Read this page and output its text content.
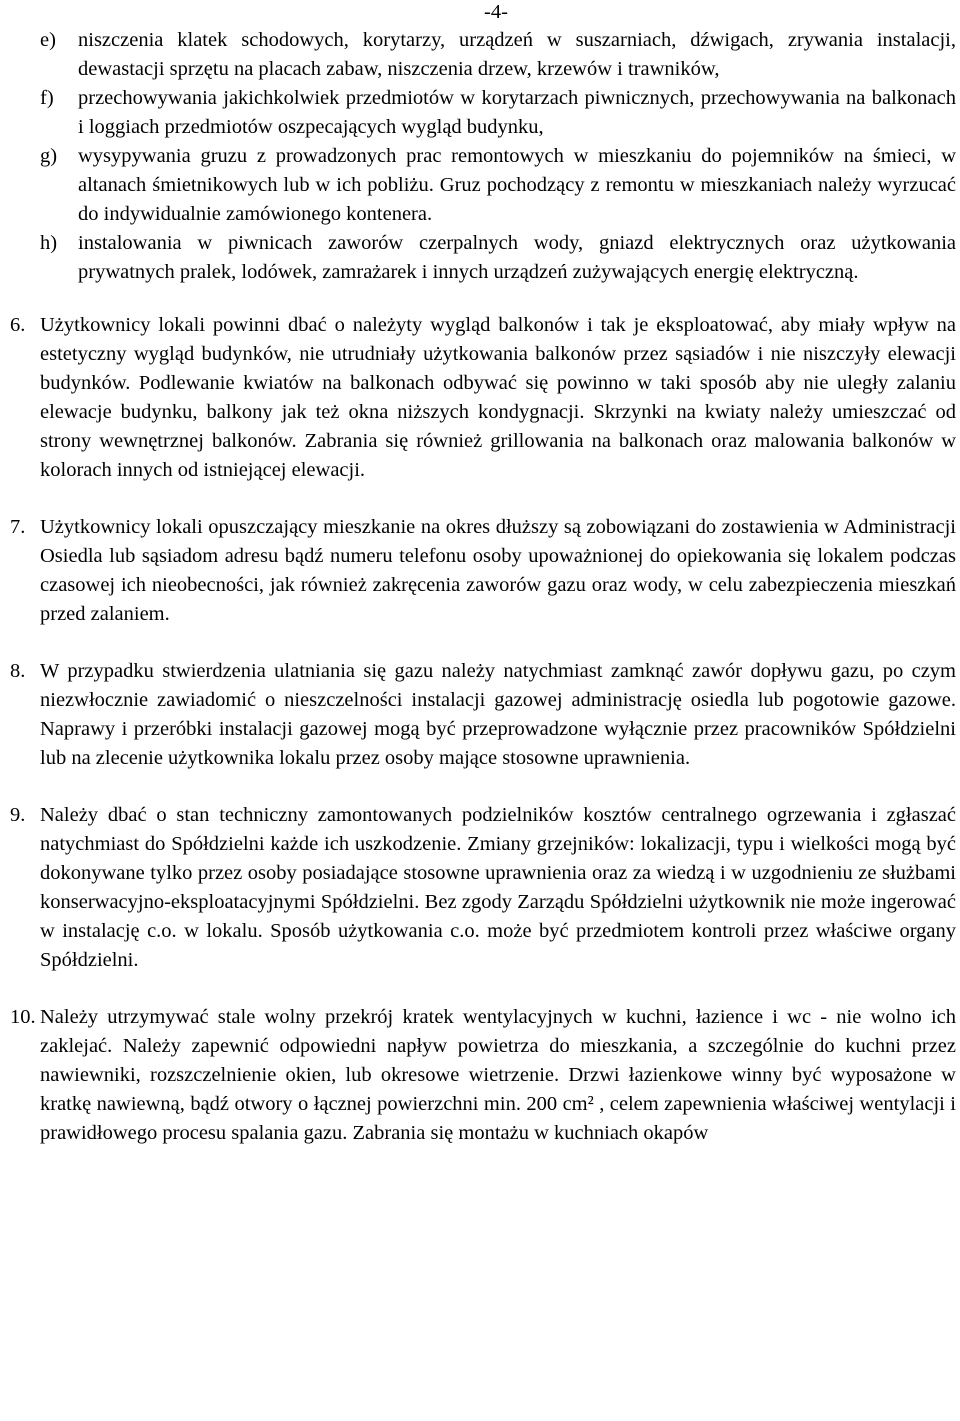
-4-
e) niszczenia klatek schodowych, korytarzy, urządzeń w suszarniach, dźwigach, zrywania instalacji, dewastacji sprzętu na placach zabaw, niszczenia drzew, krzewów i trawników,
f) przechowywania jakichkolwiek przedmiotów w korytarzach piwnicznych, przechowywania na balkonach i loggiach przedmiotów oszpecających wygląd budynku,
g) wysypywania gruzu z prowadzonych prac remontowych w mieszkaniu do pojemników na śmieci, w altanach śmietnikowych lub w ich pobliżu. Gruz pochodzący z remontu w mieszkaniach należy wyrzucać do indywidualnie zamówionego kontenera.
h) instalowania w piwnicach zaworów czerpalnych wody, gniazd elektrycznych oraz użytkowania prywatnych pralek, lodówek, zamrażarek i innych urządzeń zużywających energię elektryczną.
6. Użytkownicy lokali powinni dbać o należyty wygląd balkonów i tak je eksploatować, aby miały wpływ na estetyczny wygląd budynków, nie utrudniały użytkowania balkonów przez sąsiadów i nie niszczyły elewacji budynków. Podlewanie kwiatów na balkonach odbywać się powinno w taki sposób aby nie uległy zalaniu elewacje budynku, balkony jak też okna niższych kondygnacji. Skrzynki na kwiaty należy umieszczać od strony wewnętrznej balkonów. Zabrania się również grillowania na balkonach oraz malowania balkonów w kolorach innych od istniejącej elewacji.
7. Użytkownicy lokali opuszczający mieszkanie na okres dłuższy są zobowiązani do zostawienia w Administracji Osiedla lub sąsiadom adresu bądź numeru telefonu osoby upoważnionej do opiekowania się lokalem podczas czasowej ich nieobecności, jak również zakręcenia zaworów gazu oraz wody, w celu zabezpieczenia mieszkań przed zalaniem.
8. W przypadku stwierdzenia ulatniania się gazu należy natychmiast zamknąć zawór dopływu gazu, po czym niezwłocznie zawiadomić o nieszczelności instalacji gazowej administrację osiedla lub pogotowie gazowe. Naprawy i przeróbki instalacji gazowej mogą być przeprowadzone wyłącznie przez pracowników Spółdzielni lub na zlecenie użytkownika lokalu przez osoby mające stosowne uprawnienia.
9. Należy dbać o stan techniczny zamontowanych podzielników kosztów centralnego ogrzewania i zgłaszać natychmiast do Spółdzielni każde ich uszkodzenie. Zmiany grzejników: lokalizacji, typu i wielkości mogą być dokonywane tylko przez osoby posiadające stosowne uprawnienia oraz za wiedzą i w uzgodnieniu ze służbami konserwacyjno-eksploatacyjnymi Spółdzielni. Bez zgody Zarządu Spółdzielni użytkownik nie może ingerować w instalację c.o. w lokalu. Sposób użytkowania c.o. może być przedmiotem kontroli przez właściwe organy Spółdzielni.
10. Należy utrzymywać stale wolny przekrój kratek wentylacyjnych w kuchni, łazience i wc - nie wolno ich zaklejać. Należy zapewnić odpowiedni napływ powietrza do mieszkania, a szczególnie do kuchni przez nawiewniki, rozszczelnienie okien, lub okresowe wietrzenie. Drzwi łazienkowe winny być wyposażone w kratkę nawiewną, bądź otwory o łącznej powierzchni min. 200 cm² , celem zapewnienia właściwej wentylacji i prawidłowego procesu spalania gazu. Zabrania się montażu w kuchniach okapów
